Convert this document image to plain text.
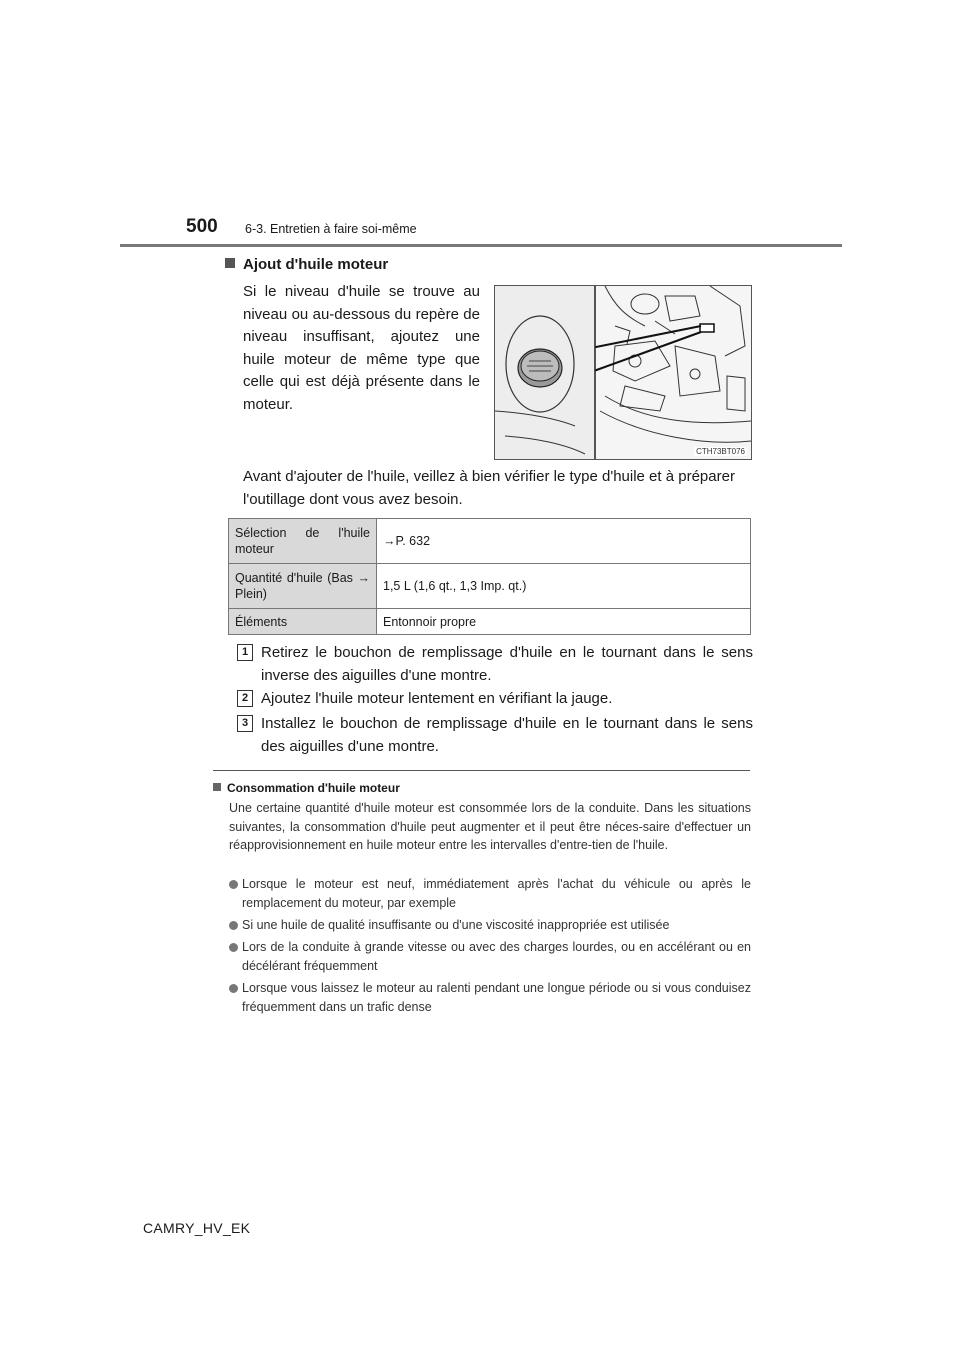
500 6-3. Entretien à faire soi-même
Ajout d'huile moteur
Si le niveau d'huile se trouve au niveau ou au-dessous du repère de niveau insuffisant, ajoutez une huile moteur de même type que celle qui est déjà présente dans le moteur.
CTH73BT076
Avant d'ajouter de l'huile, veillez à bien vérifier le type d'huile et à préparer l'outillage dont vous avez besoin.
Sélection de l'huile moteur	→P. 632
Quantité d'huile (Bas → Plein)	1,5 L (1,6 qt., 1,3 Imp. qt.)
Éléments	Entonnoir propre
1 Retirez le bouchon de remplissage d'huile en le tournant dans le sens inverse des aiguilles d'une montre.
2 Ajoutez l'huile moteur lentement en vérifiant la jauge.
3 Installez le bouchon de remplissage d'huile en le tournant dans le sens des aiguilles d'une montre.
Consommation d'huile moteur
Une certaine quantité d'huile moteur est consommée lors de la conduite. Dans les situations suivantes, la consommation d'huile peut augmenter et il peut être néces-saire d'effectuer un réapprovisionnement en huile moteur entre les intervalles d'entre-tien de l'huile.
Lorsque le moteur est neuf, immédiatement après l'achat du véhicule ou après le remplacement du moteur, par exemple
Si une huile de qualité insuffisante ou d'une viscosité inappropriée est utilisée
Lors de la conduite à grande vitesse ou avec des charges lourdes, ou en accélérant ou en décélérant fréquemment
Lorsque vous laissez le moteur au ralenti pendant une longue période ou si vous conduisez fréquemment dans un trafic dense
CAMRY_HV_EK
